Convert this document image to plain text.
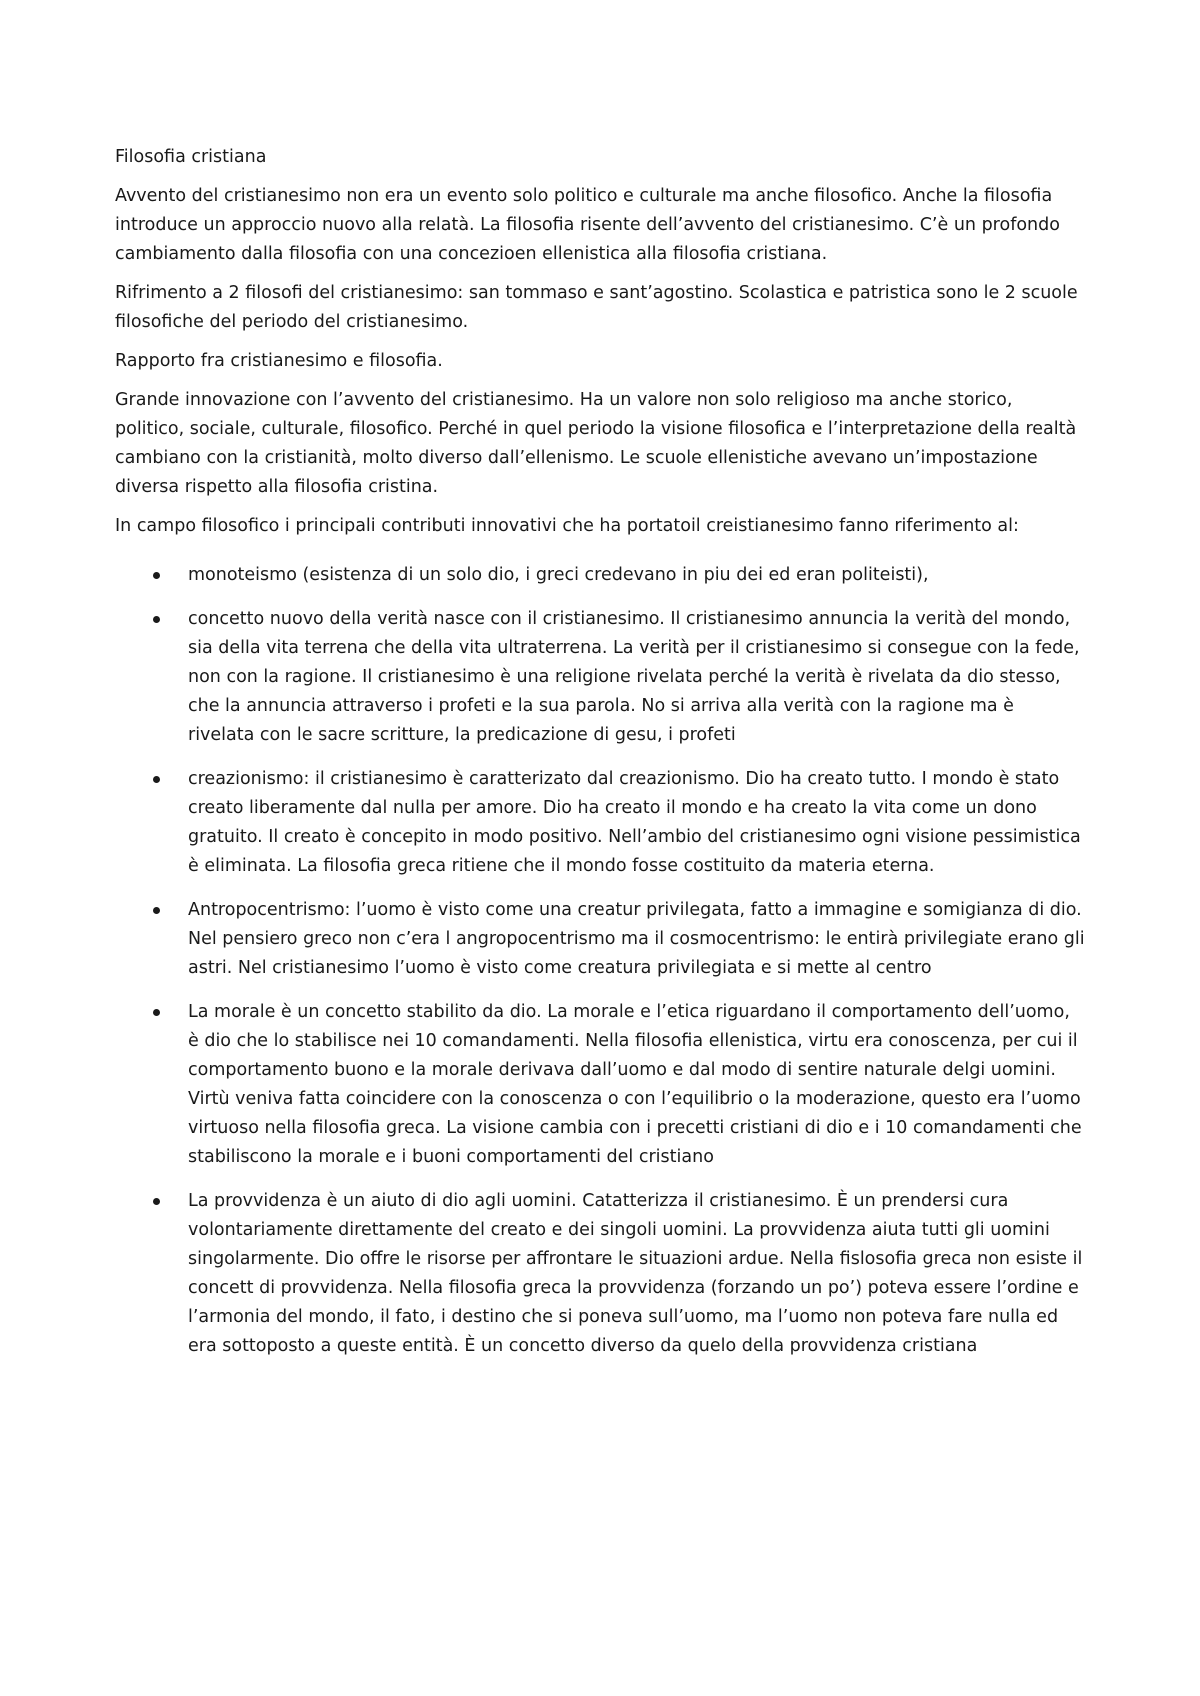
Filosofia cristiana

Avvento del cristianesimo non era un evento solo politico e culturale ma anche filosofico. Anche la filosofia introduce un approccio nuovo alla relatà. La filosofia risente dell’avvento del cristianesimo. C’è un profondo cambiamento dalla filosofia con una concezioen ellenistica alla filosofia cristiana.

Rifrimento a 2 filosofi del cristianesimo: san tommaso e sant’agostino. Scolastica e patristica sono le 2 scuole filosofiche del periodo del cristianesimo.

Rapporto fra cristianesimo e filosofia.

Grande innovazione con l’avvento del cristianesimo. Ha un valore non solo religioso ma anche storico, politico, sociale, culturale, filosofico. Perché in quel periodo la visione filosofica e l’interpretazione della realtà cambiano con la cristianità, molto diverso dall’ellenismo. Le scuole ellenistiche avevano un’impostazione diversa rispetto alla filosofia cristina.

In campo filosofico i principali contributi innovativi che ha portatoil creistianesimo fanno riferimento al:

monoteismo (esistenza di un solo dio, i greci credevano in piu dei ed eran politeisti),
concetto nuovo della verità nasce con il cristianesimo. Il cristianesimo annuncia la verità del mondo, sia della vita terrena che della vita ultraterrena. La verità per il cristianesimo si consegue con la fede, non con la ragione. Il cristianesimo è una religione rivelata perché la verità è rivelata da dio stesso, che la annuncia attraverso i profeti e la sua parola. No si arriva alla verità con la ragione ma è rivelata con le sacre scritture, la predicazione di gesu, i profeti
creazionismo: il cristianesimo è caratterizato dal creazionismo. Dio ha creato tutto. I mondo è stato creato liberamente dal nulla per amore. Dio ha creato il mondo e ha creato la vita come un dono gratuito. Il creato è concepito in modo positivo. Nell’ambio del cristianesimo ogni visione pessimistica è eliminata. La filosofia greca ritiene che il mondo fosse costituito da materia eterna.
Antropocentrismo: l’uomo è visto come una creatur privilegata, fatto a immagine e somigianza di dio. Nel pensiero greco non c’era l angropocentrismo ma il cosmocentrismo: le entirà privilegiate erano gli astri. Nel cristianesimo l’uomo è visto come creatura privilegiata e si mette al centro
La morale è un concetto stabilito da dio. La morale e l’etica riguardano il comportamento dell’uomo, è dio che lo stabilisce nei 10 comandamenti. Nella filosofia ellenistica, virtu era conoscenza, per cui il comportamento buono e la morale derivava dall’uomo e dal modo di sentire naturale delgi uomini. Virtù veniva fatta coincidere con la conoscenza o con l’equilibrio o la moderazione, questo era l’uomo virtuoso nella filosofia greca. La visione cambia con i precetti cristiani di dio e i 10 comandamenti che stabiliscono la morale e i buoni comportamenti del cristiano
La provvidenza è un aiuto di dio agli uomini. Catatterizza il cristianesimo. È un prendersi cura volontariamente direttamente del creato e dei singoli uomini. La provvidenza aiuta tutti gli uomini singolarmente. Dio offre le risorse per affrontare le situazioni ardue. Nella fislosofia greca non esiste il concett di provvidenza. Nella filosofia greca la provvidenza (forzando un po’) poteva essere l’ordine e l’armonia del mondo, il fato, i destino che si poneva sull’uomo, ma l’uomo non poteva fare nulla ed era sottoposto a queste entità. È un concetto diverso da quelo della provvidenza cristiana
